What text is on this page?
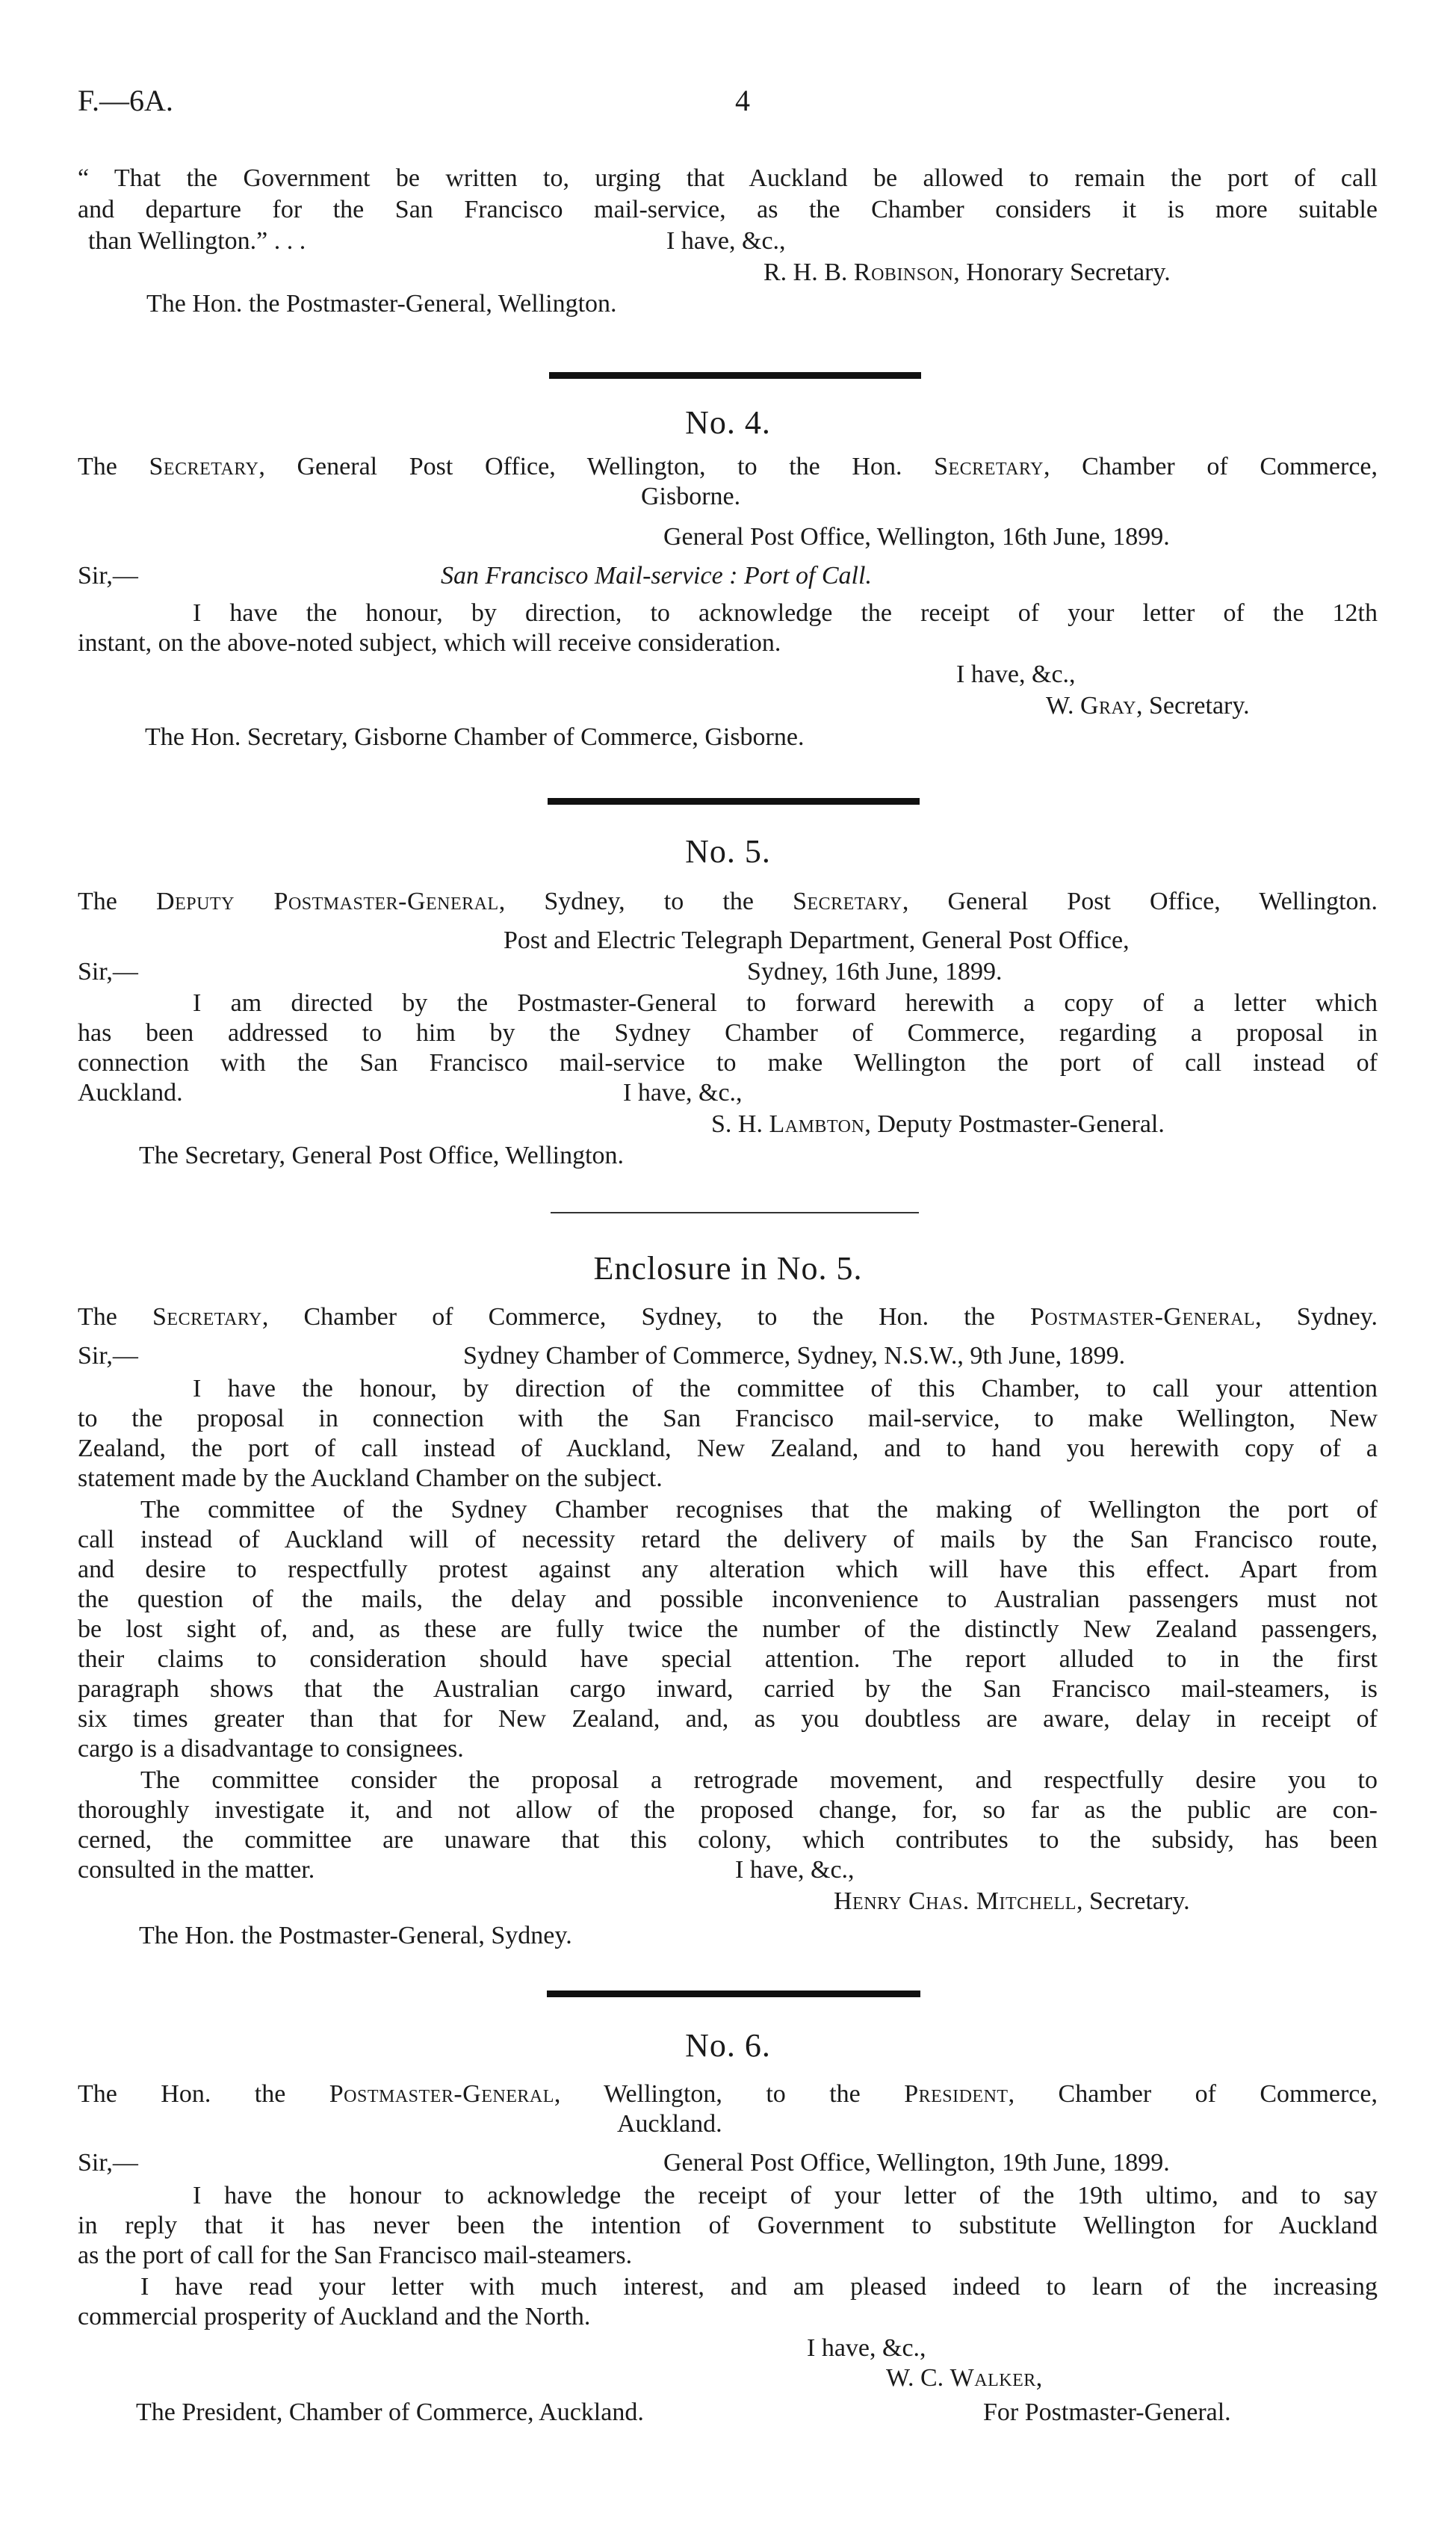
F.—6A.	4
“ That the Government be written to, urging that Auckland be allowed to remain the port of call
and departure for the San Francisco mail-service, as the Chamber considers it is more suitable
than Wellington.” . . .	I have, &c.,
R. H. B. Robinson, Honorary Secretary.
The Hon. the Postmaster-General, Wellington.
No. 4.
The Secretary, General Post Office, Wellington, to the Hon. Secretary, Chamber of Commerce,
Gisborne.
General Post Office, Wellington, 16th June, 1899.
Sir,—	San Francisco Mail-service : Port of Call.
I have the honour, by direction, to acknowledge the receipt of your letter of the 12th
instant, on the above-noted subject, which will receive consideration.
I have, &c.,
W. Gray, Secretary.
The Hon. Secretary, Gisborne Chamber of Commerce, Gisborne.
No. 5.
The Deputy Postmaster-General, Sydney, to the Secretary, General Post Office, Wellington.
Post and Electric Telegraph Department, General Post Office,
Sir,—	Sydney, 16th June, 1899.
I am directed by the Postmaster-General to forward herewith a copy of a letter which
has been addressed to him by the Sydney Chamber of Commerce, regarding a proposal in
connection with the San Francisco mail-service to make Wellington the port of call instead of
Auckland.	I have, &c.,
S. H. Lambton, Deputy Postmaster-General.
The Secretary, General Post Office, Wellington.
Enclosure in No. 5.
The Secretary, Chamber of Commerce, Sydney, to the Hon. the Postmaster-General, Sydney.
Sir,—	Sydney Chamber of Commerce, Sydney, N.S.W., 9th June, 1899.
I have the honour, by direction of the committee of this Chamber, to call your attention
to the proposal in connection with the San Francisco mail-service, to make Wellington, New
Zealand, the port of call instead of Auckland, New Zealand, and to hand you herewith copy of a
statement made by the Auckland Chamber on the subject.
The committee of the Sydney Chamber recognises that the making of Wellington the port of
call instead of Auckland will of necessity retard the delivery of mails by the San Francisco route,
and desire to respectfully protest against any alteration which will have this effect. Apart from
the question of the mails, the delay and possible inconvenience to Australian passengers must not
be lost sight of, and, as these are fully twice the number of the distinctly New Zealand passengers,
their claims to consideration should have special attention. The report alluded to in the first
paragraph shows that the Australian cargo inward, carried by the San Francisco mail-steamers, is
six times greater than that for New Zealand, and, as you doubtless are aware, delay in receipt of
cargo is a disadvantage to consignees.
The committee consider the proposal a retrograde movement, and respectfully desire you to
thoroughly investigate it, and not allow of the proposed change, for, so far as the public are con-
cerned, the committee are unaware that this colony, which contributes to the subsidy, has been
consulted in the matter.	I have, &c.,
Henry Chas. Mitchell, Secretary.
The Hon. the Postmaster-General, Sydney.
No. 6.
The Hon. the Postmaster-General, Wellington, to the President, Chamber of Commerce,
Auckland.
Sir,—	General Post Office, Wellington, 19th June, 1899.
I have the honour to acknowledge the receipt of your letter of the 19th ultimo, and to say
in reply that it has never been the intention of Government to substitute Wellington for Auckland
as the port of call for the San Francisco mail-steamers.
I have read your letter with much interest, and am pleased indeed to learn of the increasing
commercial prosperity of Auckland and the North.
I have, &c.,
W. C. Walker,
The President, Chamber of Commerce, Auckland.	For Postmaster-General.
